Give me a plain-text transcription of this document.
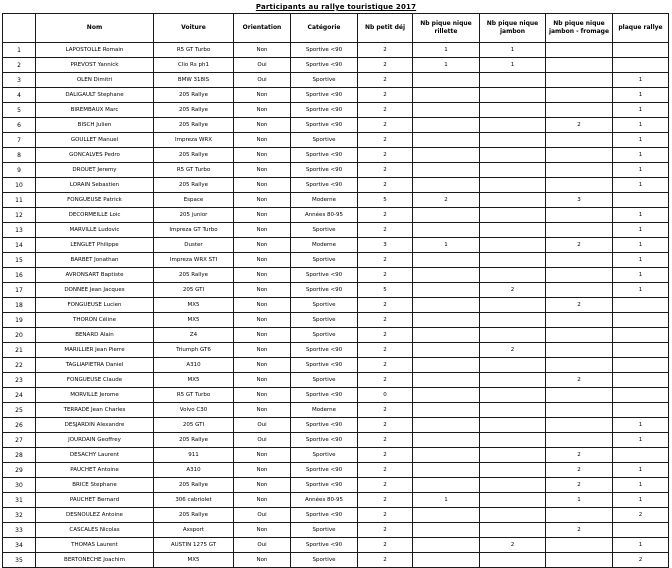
Participants au rallye touristique 2017
	Nom	Voiture	Orientation	Catégorie	Nb petit déj	Nb pique nique rillette	Nb pique nique jambon	Nb pique nique jambon - fromage	plaque rallye
1	LAPOSTOLLE Romain	R5 GT Turbo	Non	Sportive <90	2	1	1		
2	PREVOST Yannick	Clio Rs ph1	Oui	Sportive <90	2	1	1		
3	OLEN Dimitri	BMW 318IS	Oui	Sportive	2				1
4	DALIGAULT Stephane	205 Rallye	Non	Sportive <90	2				1
5	BIREMBAUX Marc	205 Rallye	Non	Sportive <90	2				1
6	BISCH Julien	205 Rallye	Non	Sportive <90	2			2	1
7	GOULLET Manuel	Impreza WRX	Non	Sportive	2				1
8	GONCALVES Pedro	205 Rallye	Non	Sportive <90	2				1
9	DROUET Jeremy	R5 GT Turbo	Non	Sportive <90	2				1
10	LORAIN Sebastien	205 Rallye	Non	Sportive <90	2				1
11	FONGUEUSE Patrick	Espace	Non	Moderne	5	2		3	
12	DECORMEILLE Loic	205 junior	Non	Années 80-95	2				1
13	MARVILLE Ludovic	Impreza GT Turbo	Non	Sportive	2				1
14	LENGLET Philippe	Duster	Non	Moderne	3	1		2	1
15	BARBET Jonathan	Impreza WRX STI	Non	Sportive	2				1
16	AVRONSART Baptiste	205 Rallye	Non	Sportive <90	2				1
17	DONNEE Jean Jacques	205 GTI	Non	Sportive <90	5		2		1
18	FONGUEUSE Lucien	MX5	Non	Sportive	2			2	
19	THORON Céline	MX5	Non	Sportive	2				
20	BENARD Alain	Z4	Non	Sportive	2				
21	MARILLIER Jean Pierre	Triumph GT6	Non	Sportive <90	2		2		
22	TAGLIAPIETRA Daniel	A310	Non	Sportive <90	2				
23	FONGUEUSE Claude	MX5	Non	Sportive	2			2	
24	MORVILLE Jerome	R5 GT Turbo	Non	Sportive <90	0				
25	TERRADE Jean Charles	Volvo C30	Non	Moderne	2				
26	DESJARDIN Alexandre	205 GTI	Oui	Sportive <90	2				1
27	JOURDAIN Geoffrey	205 Rallye	Oui	Sportive <90	2				1
28	DESACHY Laurent	911	Non	Sportive	2			2	
29	PAUCHET Antoine	A310	Non	Sportive <90	2			2	1
30	BRICE Stephane	205 Rallye	Non	Sportive <90	2			2	1
31	PAUCHET Bernard	306 cabriolet	Non	Années 80-95	2	1		1	1
32	DESNOULEZ Antoine	205 Rallye	Oui	Sportive <90	2				2
33	CASCALES Nicolas	Axsport	Non	Sportive	2			2	
34	THOMAS Laurent	AUSTIN 1275 GT	Oui	Sportive <90	2		2		1
35	BERTONECHE Joachim	MX5	Non	Sportive	2				2
